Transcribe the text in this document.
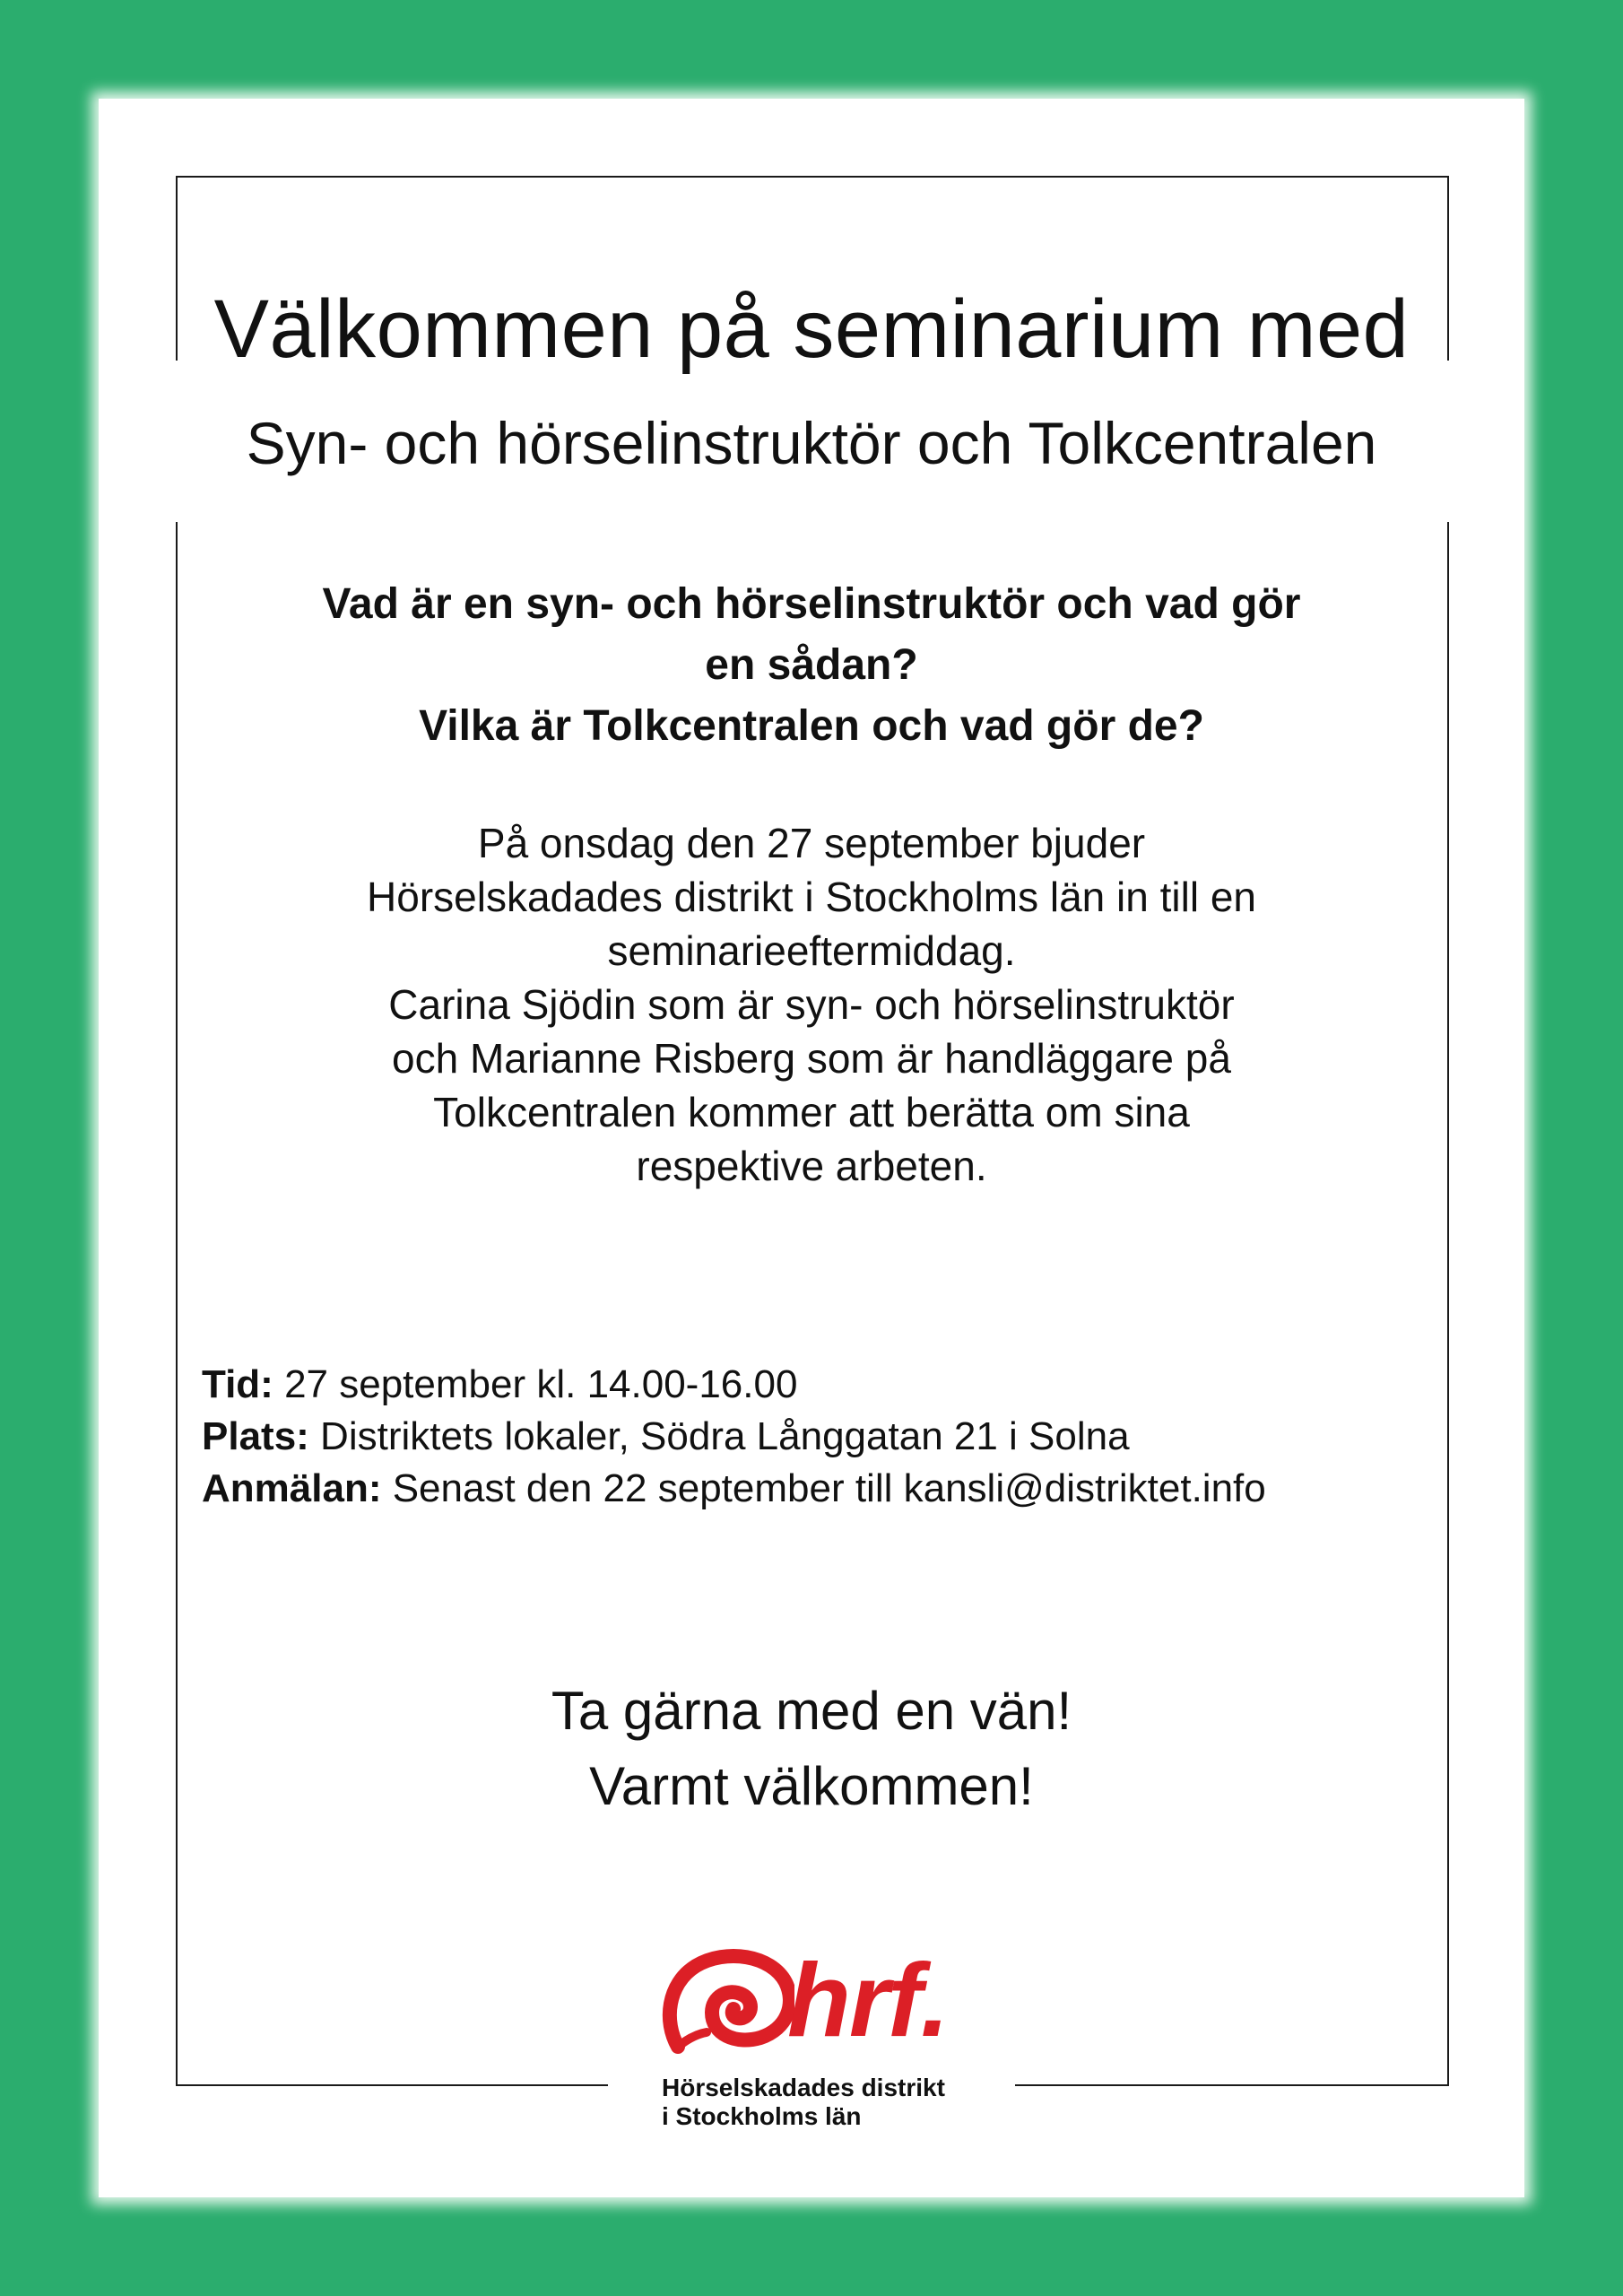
Välkommen på seminarium med
Syn- och hörselinstruktör och Tolkcentralen
Vad är en syn- och hörselinstruktör och vad gör
en sådan?
Vilka är Tolkcentralen och vad gör de?
På onsdag den 27 september bjuder
Hörselskadades distrikt i Stockholms län in till en
seminarieeftermiddag.
Carina Sjödin som är syn- och hörselinstruktör
och Marianne Risberg som är handläggare på
Tolkcentralen kommer att berätta om sina
respektive arbeten.
Tid: 27 september kl. 14.00-16.00
Plats: Distriktets lokaler, Södra Långgatan 21 i Solna
Anmälan: Senast den 22 september till kansli@distriktet.info
Ta gärna med en vän!
Varmt välkommen!
hrf.
Hörselskadades distrikt
i Stockholms län
